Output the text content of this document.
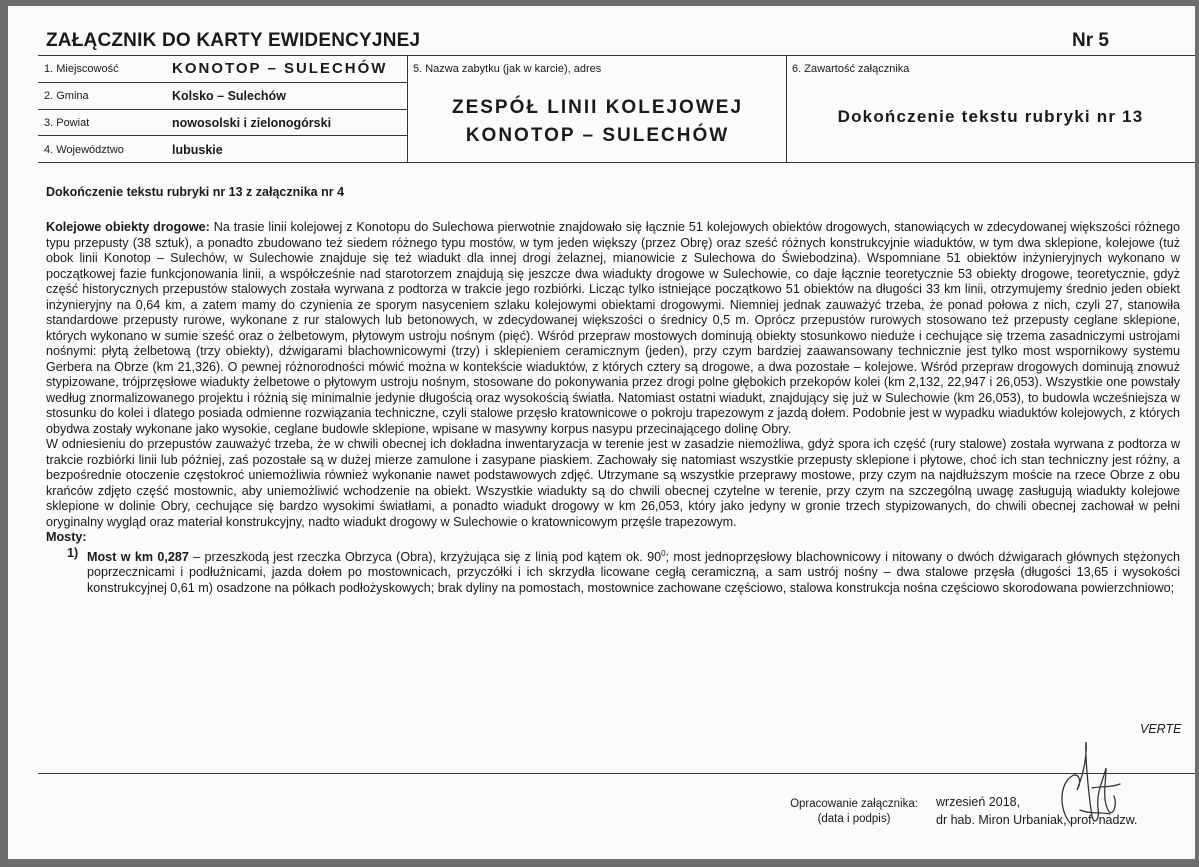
ZAŁĄCZNIK DO KARTY EWIDENCYJNEJ	Nr 5
1. Miejscowość	KONOTOP – SULECHÓW
2. Gmina	Kolsko – Sulechów
3. Powiat	nowosolski i zielonogórski
4. Województwo	lubuskie
5. Nazwa zabytku (jak w karcie), adres
ZESPÓŁ LINII KOLEJOWEJ
KONOTOP – SULECHÓW
6. Zawartość załącznika
Dokończenie tekstu rubryki nr 13
Dokończenie tekstu rubryki nr 13 z załącznika nr 4

Kolejowe obiekty drogowe: Na trasie linii kolejowej z Konotopu do Sulechowa pierwotnie znajdowało się łącznie 51 kolejowych obiektów drogowych, stanowiących w zdecydowanej większości różnego typu przepusty (38 sztuk), a ponadto zbudowano też siedem różnego typu mostów, w tym jeden większy (przez Obrę) oraz sześć różnych konstrukcyjnie wiaduktów, w tym dwa sklepione, kolejowe (tuż obok linii Konotop – Sulechów, w Sulechowie znajduje się też wiadukt dla innej drogi żelaznej, mianowicie z Sulechowa do Świebodzina). Wspomniane 51 obiektów inżynieryjnych wykonano w początkowej fazie funkcjonowania linii, a współcześnie nad starotorzem znajdują się jeszcze dwa wiadukty drogowe w Sulechowie, co daje łącznie teoretycznie 53 obiekty drogowe, teoretycznie, gdyż część historycznych przepustów stalowych została wyrwana z podtorza w trakcie jego rozbiórki. Licząc tylko istniejące początkowo 51 obiektów na długości 33 km linii, otrzymujemy średnio jeden obiekt inżynieryjny na 0,64 km, a zatem mamy do czynienia ze sporym nasyceniem szlaku kolejowymi obiektami drogowymi. Niemniej jednak zauważyć trzeba, że ponad połowa z nich, czyli 27, stanowiła standardowe przepusty rurowe, wykonane z rur stalowych lub betonowych, w zdecydowanej większości o średnicy 0,5 m. Oprócz przepustów rurowych stosowano też przepusty ceglane sklepione, których wykonano w sumie sześć oraz o żelbetowym, płytowym ustroju nośnym (pięć). Wśród przepraw mostowych dominują obiekty stosunkowo nieduże i cechujące się trzema zasadniczymi ustrojami nośnymi: płytą żelbetową (trzy obiekty), dźwigarami blachownicowymi (trzy) i sklepieniem ceramicznym (jeden), przy czym bardziej zaawansowany technicznie jest tylko most wspornikowy systemu Gerbera na Obrze (km 21,326). O pewnej różnorodności mówić można w kontekście wiaduktów, z których cztery są drogowe, a dwa pozostałe – kolejowe. Wśród przepraw drogowych dominują znowuż stypizowane, trójprzęsłowe wiadukty żelbetowe o płytowym ustroju nośnym, stosowane do pokonywania przez drogi polne głębokich przekopów kolei (km 2,132, 22,947 i 26,053). Wszystkie one powstały według znormalizowanego projektu i różnią się minimalnie jedynie długością oraz wysokością światła. Natomiast ostatni wiadukt, znajdujący się już w Sulechowie (km 26,053), to budowla wcześniejsza w stosunku do kolei i dlatego posiada odmienne rozwiązania techniczne, czyli stalowe przęsło kratownicowe o pokroju trapezowym z jazdą dołem. Podobnie jest w wypadku wiaduktów kolejowych, z których obydwa zostały wykonane jako wysokie, ceglane budowle sklepione, wpisane w masywny korpus nasypu przecinającego dolinę Obry.

W odniesieniu do przepustów zauważyć trzeba, że w chwili obecnej ich dokładna inwentaryzacja w terenie jest w zasadzie niemożliwa, gdyż spora ich część (rury stalowe) została wyrwana z podtorza w trakcie rozbiórki linii lub później, zaś pozostałe są w dużej mierze zamulone i zasypane piaskiem. Zachowały się natomiast wszystkie przepusty sklepione i płytowe, choć ich stan techniczny jest różny, a bezpośrednie otoczenie częstokroć uniemożliwia również wykonanie nawet podstawowych zdjęć. Utrzymane są wszystkie przeprawy mostowe, przy czym na najdłuższym moście na rzece Obrze z obu krańców zdjęto część mostownic, aby uniemożliwić wchodzenie na obiekt. Wszystkie wiadukty są do chwili obecnej czytelne w terenie, przy czym na szczególną uwagę zasługują wiadukty kolejowe sklepione w dolinie Obry, cechujące się bardzo wysokimi światłami, a ponadto wiadukt drogowy w km 26,053, który jako jedyny w gronie trzech stypizowanych, do chwili obecnej zachował w pełni oryginalny wygląd oraz materiał konstrukcyjny, nadto wiadukt drogowy w Sulechowie o kratownicowym przęśle trapezowym.

Mosty:

1) Most w km 0,287 – przeszkodą jest rzeczka Obrzyca (Obra), krzyżująca się z linią pod kątem ok. $90^0$; most jednoprzęsłowy blachownicowy i nitowany o dwóch dźwigarach głównych stężonych poprzecznicami i podłużnicami, jazda dołem po mostownicach, przyczółki i ich skrzydła licowane cegłą ceramiczną, a sam ustrój nośny – dwa stalowe przęsła (długości 13,65 i wysokości konstrukcyjnej 0,61 m) osadzone na półkach podłożyskowych; brak dyliny na pomostach, mostownice zachowane częściowo, stalowa konstrukcja nośna częściowo skorodowana powierzchniowo;

VERTE
Opracowanie załącznika:
(data i podpis)
wrzesień 2018,
dr hab. Miron Urbaniak, prof. nadzw.
